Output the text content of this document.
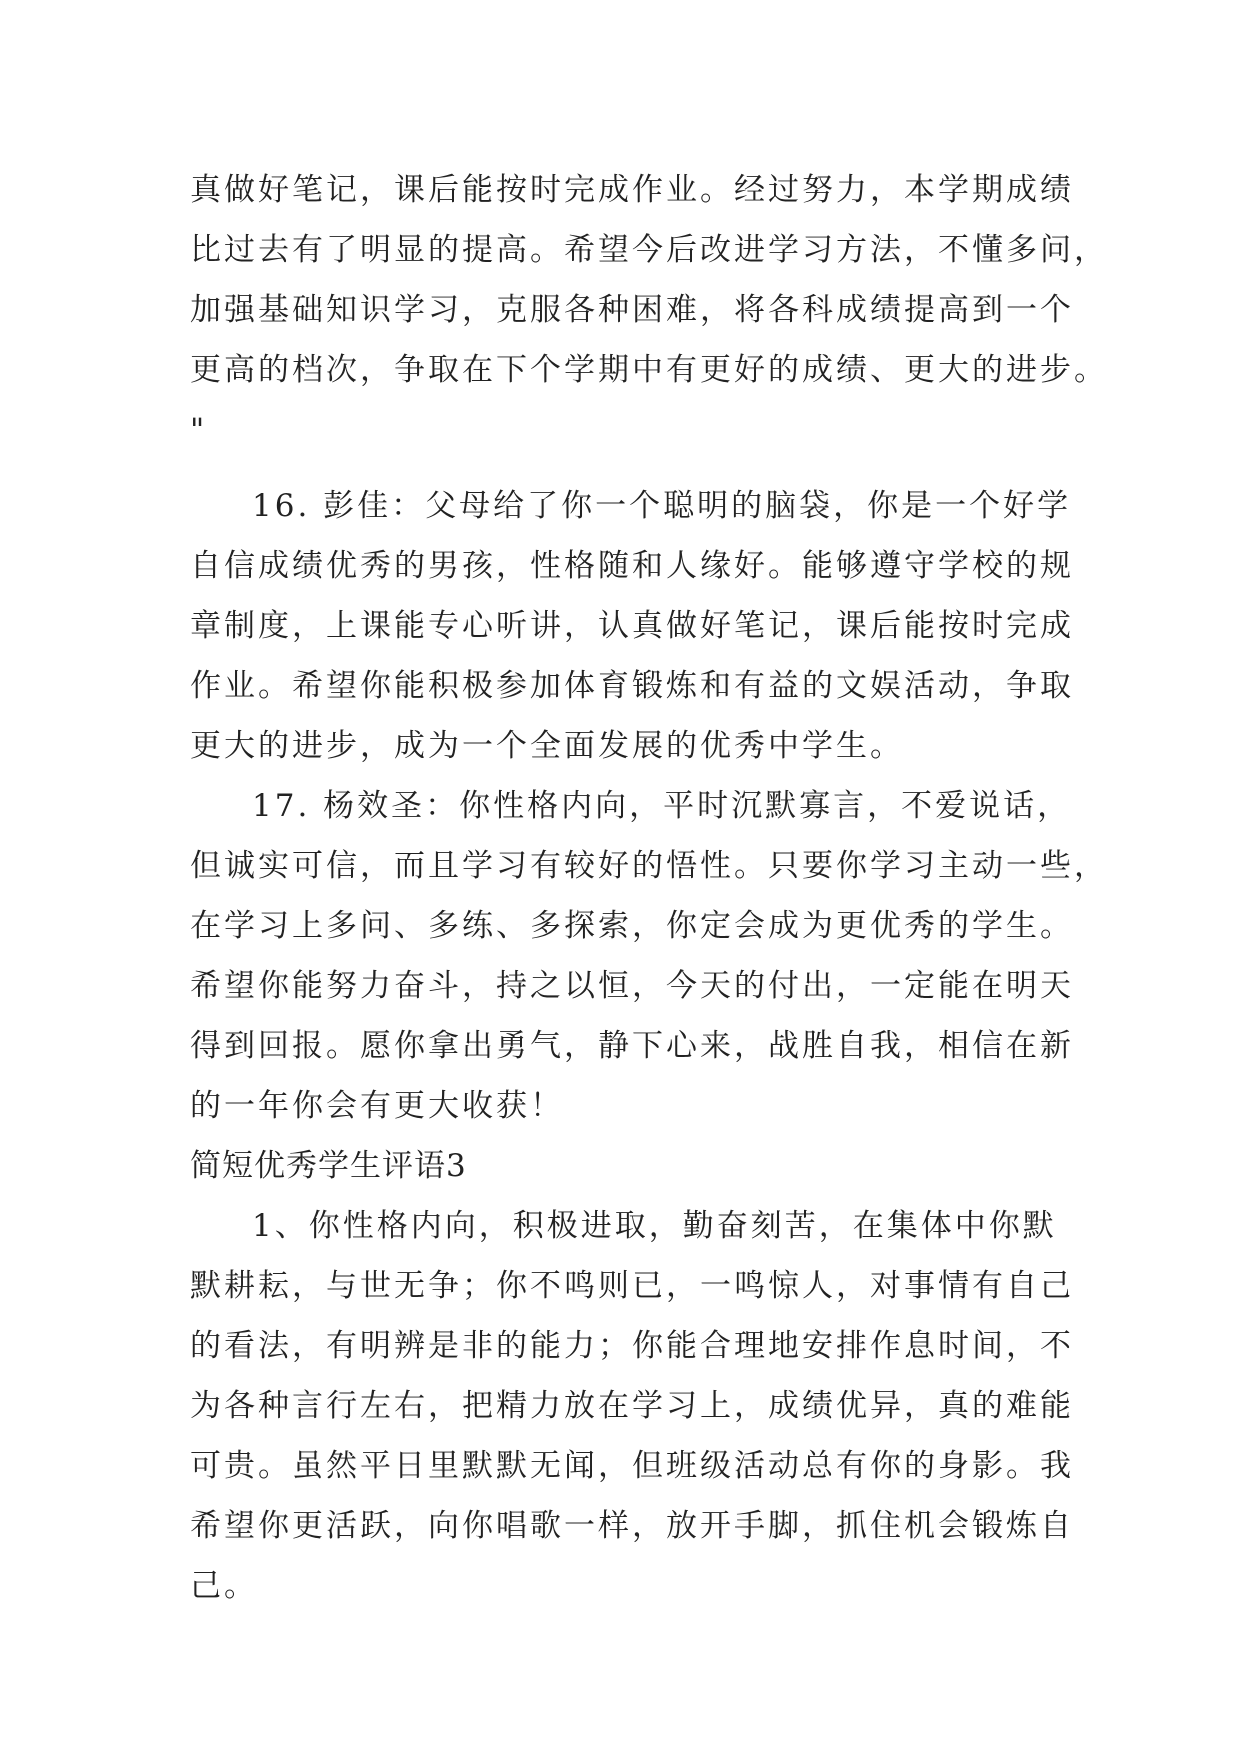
真做好笔记，课后能按时完成作业。经过努力，本学期成绩
比过去有了明显的提高。希望今后改进学习方法，不懂多问，
加强基础知识学习，克服各种困难，将各科成绩提高到一个
更高的档次，争取在下个学期中有更好的成绩、更大的进步。
"
16. 彭佳：父母给了你一个聪明的脑袋，你是一个好学
自信成绩优秀的男孩，性格随和人缘好。能够遵守学校的规
章制度，上课能专心听讲，认真做好笔记，课后能按时完成
作业。希望你能积极参加体育锻炼和有益的文娱活动，争取
更大的进步，成为一个全面发展的优秀中学生。
17. 杨效圣：你性格内向，平时沉默寡言，不爱说话，
但诚实可信，而且学习有较好的悟性。只要你学习主动一些，
在学习上多问、多练、多探索，你定会成为更优秀的学生。
希望你能努力奋斗，持之以恒，今天的付出，一定能在明天
得到回报。愿你拿出勇气，静下心来，战胜自我，相信在新
的一年你会有更大收获！
简短优秀学生评语3
1、你性格内向，积极进取，勤奋刻苦，在集体中你默
默耕耘，与世无争；你不鸣则已，一鸣惊人，对事情有自己
的看法，有明辨是非的能力；你能合理地安排作息时间，不
为各种言行左右，把精力放在学习上，成绩优异，真的难能
可贵。虽然平日里默默无闻，但班级活动总有你的身影。我
希望你更活跃，向你唱歌一样，放开手脚，抓住机会锻炼自
己。
